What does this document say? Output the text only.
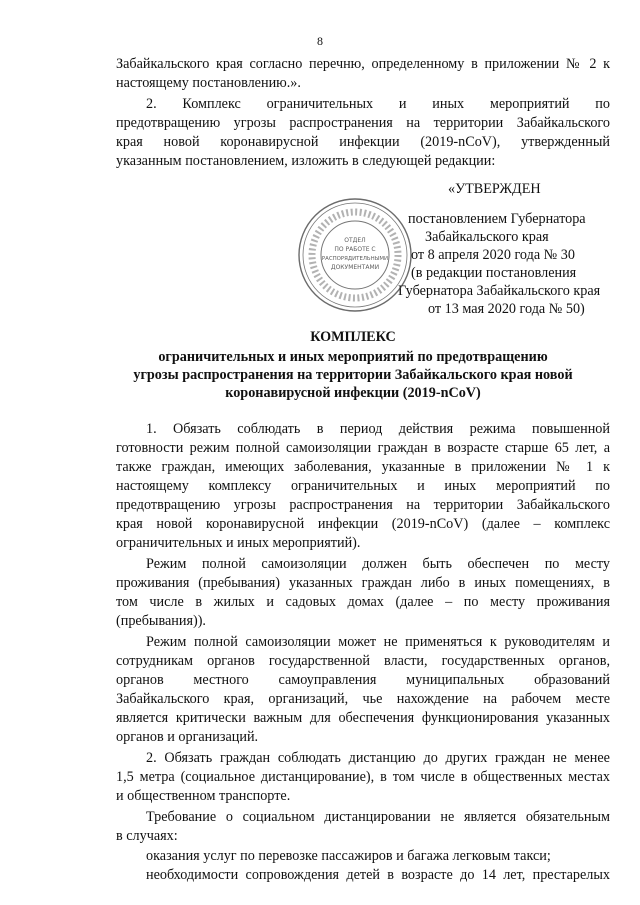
8
Забайкальского края согласно перечню, определенному в приложении № 2 к
настоящему постановлению.».
2. Комплекс ограничительных и иных мероприятий по
предотвращению угрозы распространения на территории Забайкальского
края новой коронавирусной инфекции (2019-nCoV), утвержденный
указанным постановлением, изложить в следующей редакции:
«УТВЕРЖДЕН
постановлением Губернатора
Забайкальского края
от 8 апреля 2020 года № 30
(в редакции постановления
Губернатора Забайкальского края
от 13 мая 2020 года № 50)
ОТДЕЛ
ПО РАБОТЕ С
РАСПОРЯДИТЕЛЬНЫМИ
ДОКУМЕНТАМИ
КОМПЛЕКС
ограничительных и иных мероприятий по предотвращению
угрозы распространения на территории Забайкальского края новой
коронавирусной инфекции (2019-nCoV)
1. Обязать соблюдать в период действия режима повышенной
готовности режим полной самоизоляции граждан в возрасте старше 65 лет, а
также граждан, имеющих заболевания, указанные в приложении № 1 к
настоящему комплексу ограничительных и иных мероприятий по
предотвращению угрозы распространения на территории Забайкальского
края новой коронавирусной инфекции (2019-nCoV) (далее – комплекс
ограничительных и иных мероприятий).
Режим полной самоизоляции должен быть обеспечен по месту
проживания (пребывания) указанных граждан либо в иных помещениях, в
том числе в жилых и садовых домах (далее – по месту проживания
(пребывания)).
Режим полной самоизоляции может не применяться к руководителям и
сотрудникам органов государственной власти, государственных органов,
органов местного самоуправления муниципальных образований
Забайкальского края, организаций, чье нахождение на рабочем месте
является критически важным для обеспечения функционирования указанных
органов и организаций.
2. Обязать граждан соблюдать дистанцию до других граждан не менее
1,5 метра (социальное дистанцирование), в том числе в общественных местах
и общественном транспорте.
Требование о социальном дистанцировании не является обязательным
в случаях:
оказания услуг по перевозке пассажиров и багажа легковым такси;
необходимости сопровождения детей в возрасте до 14 лет, престарелых
